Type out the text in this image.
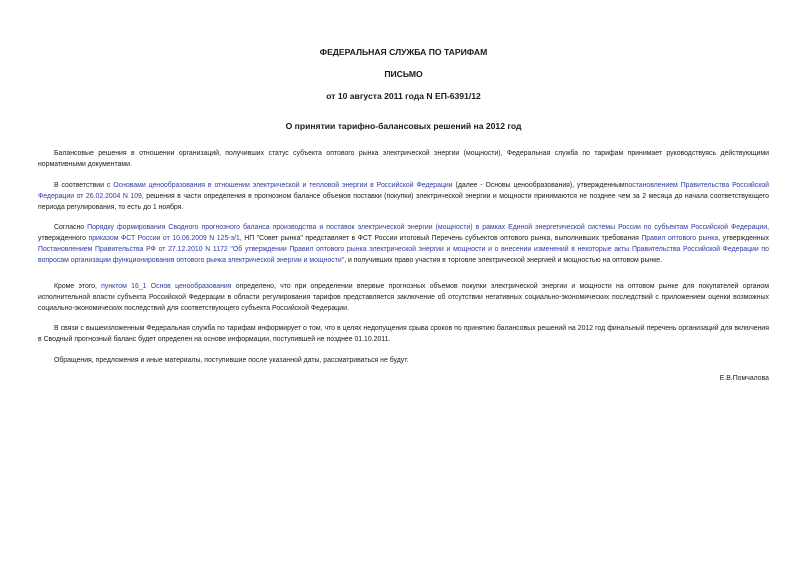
ФЕДЕРАЛЬНАЯ СЛУЖБА ПО ТАРИФАМ
ПИСЬМО
от 10 августа 2011 года N ЕП-6391/12
О принятии тарифно-балансовых решений на 2012 год

Балансовые решения в отношении организаций, получивших статус субъекта оптового рынка электрической энергии (мощности), Федеральная служба по тарифам принимает руководствуясь действующими нормативными документами.

В соответствии с Основами ценообразования в отношении электрической и тепловой энергии в Российской Федерации (далее - Основы ценообразования), утвержденнымпостановлением Правительства Российской Федерации от 26.02.2004 N 109, решения в части определения в прогнозном балансе объемов поставки (покупки) электрической энергии и мощности принимаются не позднее чем за 2 месяца до начала соответствующего периода регулирования, то есть до 1 ноября.

Согласно Порядку формирования Сводного прогнозного баланса производства и поставок электрической энергии (мощности) в рамках Единой энергетической системы России по субъектам Российской Федерации, утвержденного приказом ФСТ России от 10.06.2009 N 125-э/1, НП "Совет рынка" представляет в ФСТ России итоговый Перечень субъектов оптового рынка, выполнивших требования Правил оптового рынка, утвержденных Постановлением Правительства РФ от 27.12.2010 N 1172 "Об утверждении Правил оптового рынка электрической энергии и мощности и о внесении изменений в некоторые акты Правительства Российской Федерации по вопросам организации функционирования оптового рынка электрической энергии и мощности", и получивших право участия в торговле электрической энергией и мощностью на оптовом рынке.

Кроме этого, пунктом 16_1 Основ ценообразования определено, что при определении впервые прогнозных объемов покупки электрической энергии и мощности на оптовом рынке для покупателей органом исполнительной власти субъекта Российской Федерации в области регулирования тарифов представляется заключение об отсутствии негативных социально-экономических последствий с приложением оценки возможных социально-экономических последствий для соответствующего субъекта Российской Федерации.

В связи с вышеизложенным Федеральная служба по тарифам информирует о том, что в целях недопущения срыва сроков по принятию балансовых решений на 2012 год финальный перечень организаций для включения в Сводный прогнозный баланс будет определен на основе информации, поступившей не позднее 01.10.2011.

Обращения, предложения и иные материалы, поступившие после указанной даты, рассматриваться не будут.

Е.В.Помчалова
